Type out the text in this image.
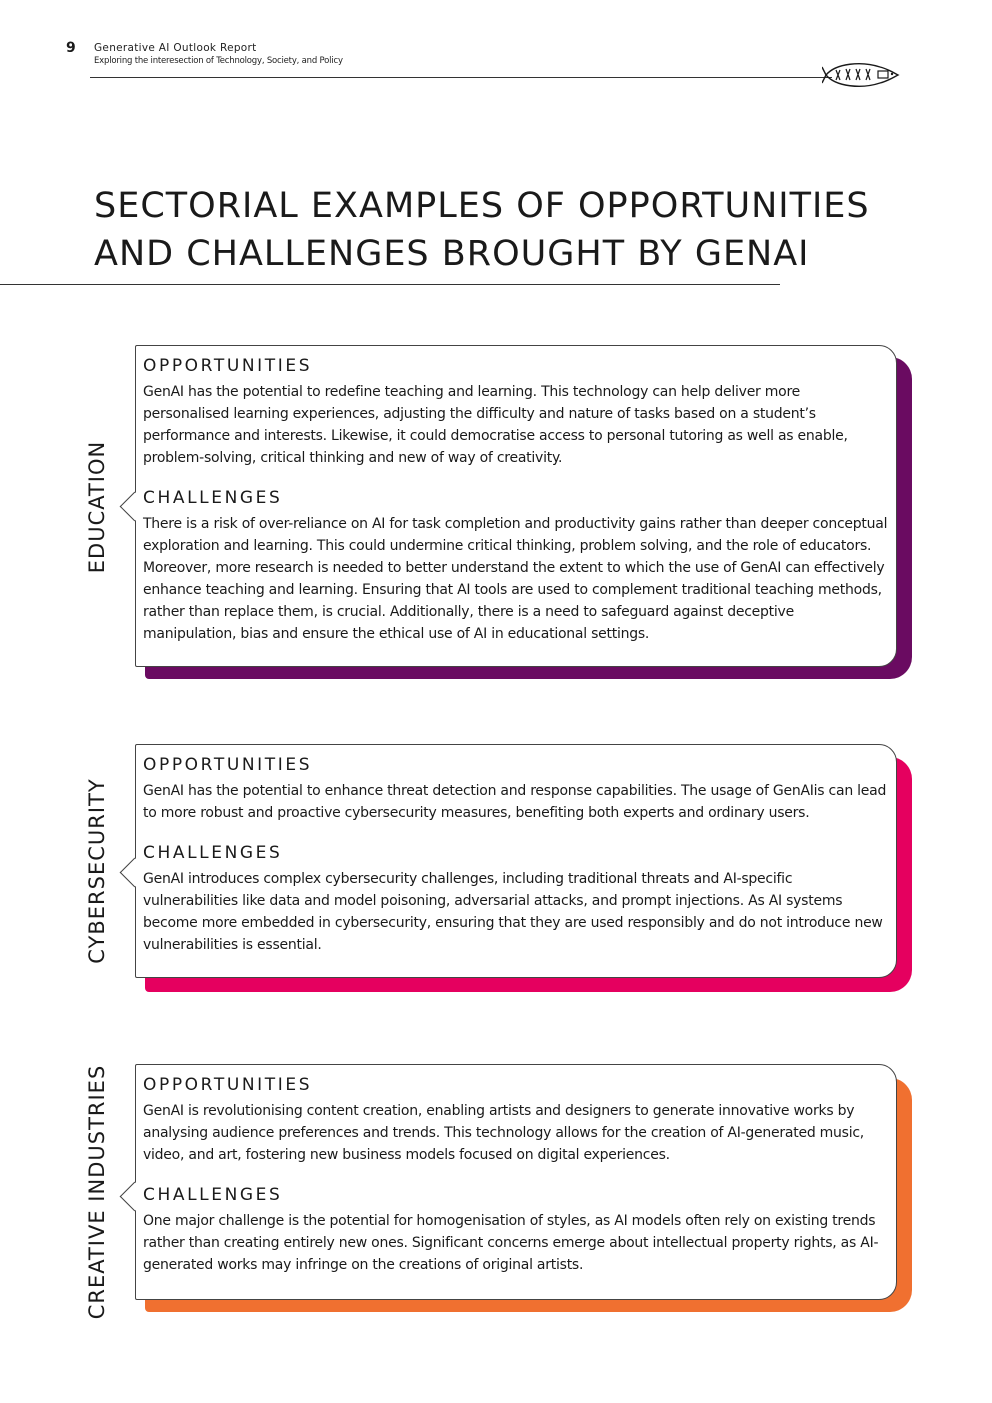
9 Generative AI Outlook Report
Exploring the interesection of Technology, Society, and Policy
SECTORIAL EXAMPLES OF OPPORTUNITIES
AND CHALLENGES BROUGHT BY GENAI
EDUCATION
OPPORTUNITIES
GenAI has the potential to redefine teaching and learning. This technology can help deliver more personalised learning experiences, adjusting the difficulty and nature of tasks based on a student’s performance and interests. Likewise, it could democratise access to personal tutoring as well as enable, problem-solving, critical thinking and new of way of creativity.
CHALLENGES
There is a risk of over-reliance on AI for task completion and productivity gains rather than deeper conceptual exploration and learning. This could undermine critical thinking, problem solving, and the role of educators. Moreover, more research is needed to better understand the extent to which the use of GenAI can effectively enhance teaching and learning. Ensuring that AI tools are used to complement traditional teaching methods, rather than replace them, is crucial. Additionally, there is a need to safeguard against deceptive manipulation, bias and ensure the ethical use of AI in educational settings.
CYBERSECURITY
OPPORTUNITIES
GenAI has the potential to enhance threat detection and response capabilities. The usage of GenAIis can lead to more robust and proactive cybersecurity measures, benefiting both experts and ordinary users.
CHALLENGES
GenAI introduces complex cybersecurity challenges, including traditional threats and AI-specific vulnerabilities like data and model poisoning, adversarial attacks, and prompt injections. As AI systems become more embedded in cybersecurity, ensuring that they are used responsibly and do not introduce new vulnerabilities is essential.
CREATIVE INDUSTRIES OPPORTUNITIES
GenAI is revolutionising content creation, enabling artists and designers to generate innovative works by analysing audience preferences and trends. This technology allows for the creation of AI-generated music, video, and art, fostering new business models focused on digital experiences.
CHALLENGES
One major challenge is the potential for homogenisation of styles, as AI models often rely on existing trends rather than creating entirely new ones. Significant concerns emerge about intellectual property rights, as AI-generated works may infringe on the creations of original artists.
